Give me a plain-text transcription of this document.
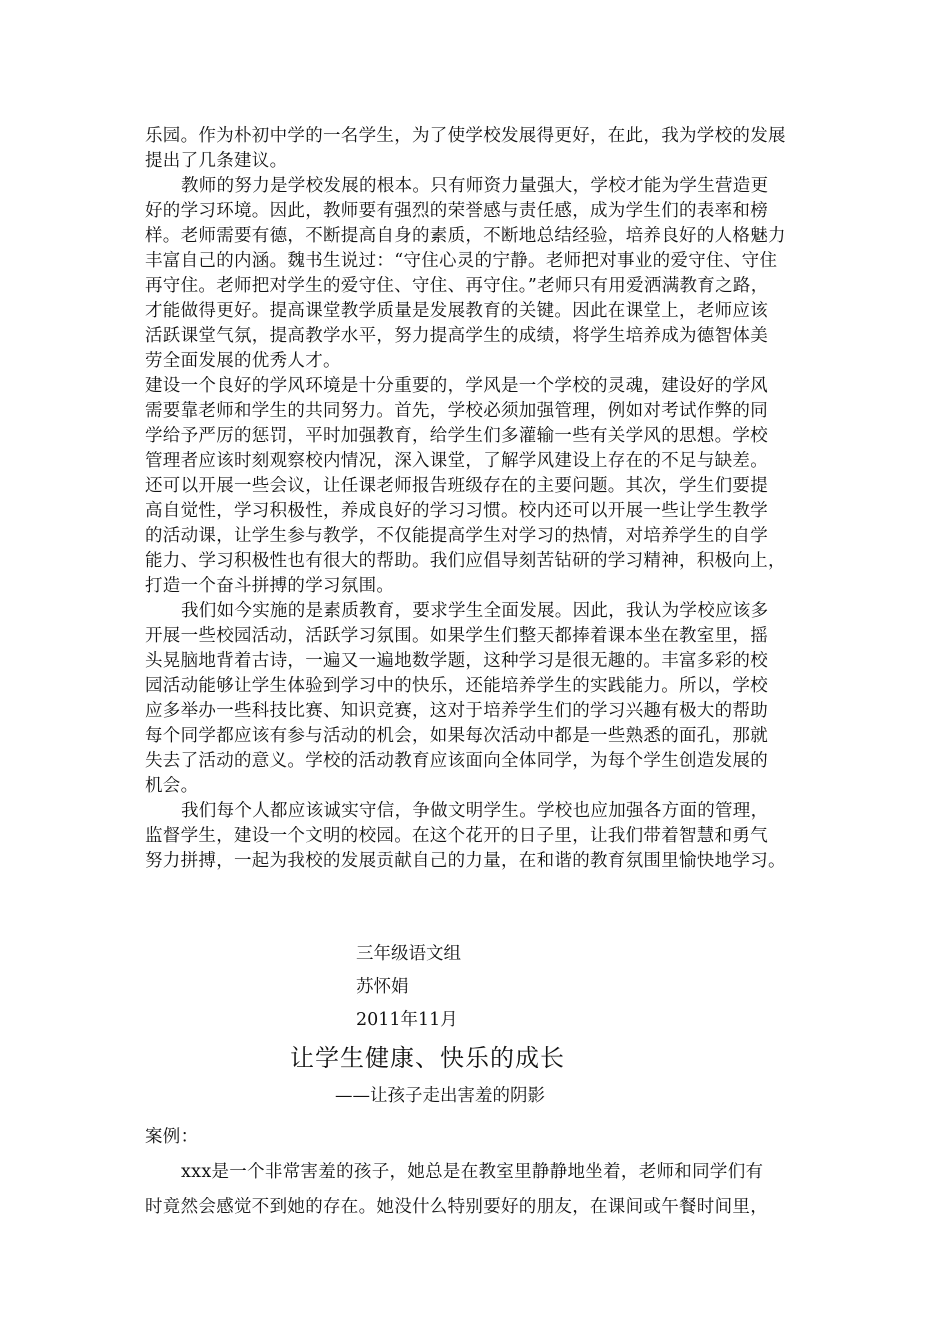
乐园。作为朴初中学的一名学生，为了使学校发展得更好，在此，我为学校的发展
提出了几条建议。
教师的努力是学校发展的根本。只有师资力量强大，学校才能为学生营造更
好的学习环境。因此，教师要有强烈的荣誉感与责任感，成为学生们的表率和榜
样。老师需要有德，不断提高自身的素质，不断地总结经验，培养良好的人格魅力
丰富自己的内涵。魏书生说过：“守住心灵的宁静。老师把对事业的爱守住、守住
再守住。老师把对学生的爱守住、守住、再守住。”老师只有用爱洒满教育之路，
才能做得更好。提高课堂教学质量是发展教育的关键。因此在课堂上，老师应该
活跃课堂气氛，提高教学水平，努力提高学生的成绩，将学生培养成为德智体美
劳全面发展的优秀人才。
建设一个良好的学风环境是十分重要的，学风是一个学校的灵魂，建设好的学风
需要靠老师和学生的共同努力。首先，学校必须加强管理，例如对考试作弊的同
学给予严厉的惩罚，平时加强教育，给学生们多灌输一些有关学风的思想。学校
管理者应该时刻观察校内情况，深入课堂，了解学风建设上存在的不足与缺差。
还可以开展一些会议，让任课老师报告班级存在的主要问题。其次，学生们要提
高自觉性，学习积极性，养成良好的学习习惯。校内还可以开展一些让学生教学
的活动课，让学生参与教学，不仅能提高学生对学习的热情，对培养学生的自学
能力、学习积极性也有很大的帮助。我们应倡导刻苦钻研的学习精神，积极向上，
打造一个奋斗拼搏的学习氛围。
我们如今实施的是素质教育，要求学生全面发展。因此，我认为学校应该多
开展一些校园活动，活跃学习氛围。如果学生们整天都捧着课本坐在教室里，摇
头晃脑地背着古诗，一遍又一遍地数学题，这种学习是很无趣的。丰富多彩的校
园活动能够让学生体验到学习中的快乐，还能培养学生的实践能力。所以，学校
应多举办一些科技比赛、知识竞赛，这对于培养学生们的学习兴趣有极大的帮助
每个同学都应该有参与活动的机会，如果每次活动中都是一些熟悉的面孔，那就
失去了活动的意义。学校的活动教育应该面向全体同学，为每个学生创造发展的
机会。
我们每个人都应该诚实守信，争做文明学生。学校也应加强各方面的管理，
监督学生，建设一个文明的校园。在这个花开的日子里，让我们带着智慧和勇气
努力拼搏，一起为我校的发展贡献自己的力量，在和谐的教育氛围里愉快地学习。
三年级语文组
苏怀娟
2011年11月
让学生健康、快乐的成长
——让孩子走出害羞的阴影
案例：
xxx是一个非常害羞的孩子，她总是在教室里静静地坐着，老师和同学们有
时竟然会感觉不到她的存在。她没什么特别要好的朋友，在课间或午餐时间里，
